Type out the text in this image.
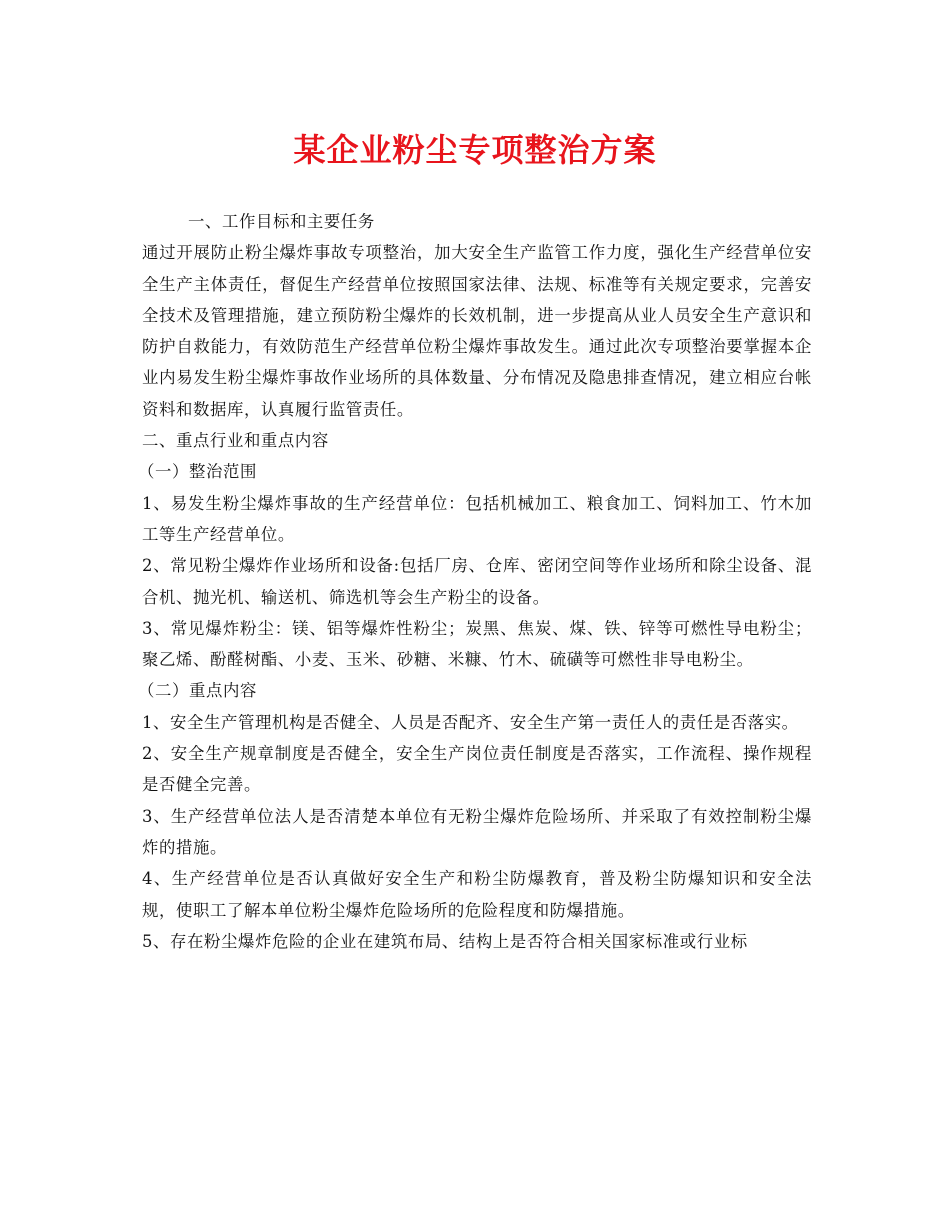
某企业粉尘专项整治方案

一、工作目标和主要任务

通过开展防止粉尘爆炸事故专项整治，加大安全生产监管工作力度，强化生产经营单位安全生产主体责任，督促生产经营单位按照国家法律、法规、标准等有关规定要求，完善安全技术及管理措施，建立预防粉尘爆炸的长效机制，进一步提高从业人员安全生产意识和防护自救能力，有效防范生产经营单位粉尘爆炸事故发生。通过此次专项整治要掌握本企业内易发生粉尘爆炸事故作业场所的具体数量、分布情况及隐患排查情况，建立相应台帐资料和数据库，认真履行监管责任。

二、重点行业和重点内容

（一）整治范围

1、易发生粉尘爆炸事故的生产经营单位：包括机械加工、粮食加工、饲料加工、竹木加工等生产经营单位。

2、常见粉尘爆炸作业场所和设备:包括厂房、仓库、密闭空间等作业场所和除尘设备、混合机、抛光机、输送机、筛选机等会生产粉尘的设备。

3、常见爆炸粉尘：镁、铝等爆炸性粉尘；炭黑、焦炭、煤、铁、锌等可燃性导电粉尘；聚乙烯、酚醛树酯、小麦、玉米、砂糖、米糠、竹木、硫磺等可燃性非导电粉尘。

（二）重点内容

1、安全生产管理机构是否健全、人员是否配齐、安全生产第一责任人的责任是否落实。

2、安全生产规章制度是否健全，安全生产岗位责任制度是否落实，工作流程、操作规程是否健全完善。

3、生产经营单位法人是否清楚本单位有无粉尘爆炸危险场所、并采取了有效控制粉尘爆炸的措施。

4、生产经营单位是否认真做好安全生产和粉尘防爆教育，普及粉尘防爆知识和安全法规，使职工了解本单位粉尘爆炸危险场所的危险程度和防爆措施。

5、存在粉尘爆炸危险的企业在建筑布局、结构上是否符合相关国家标准或行业标
